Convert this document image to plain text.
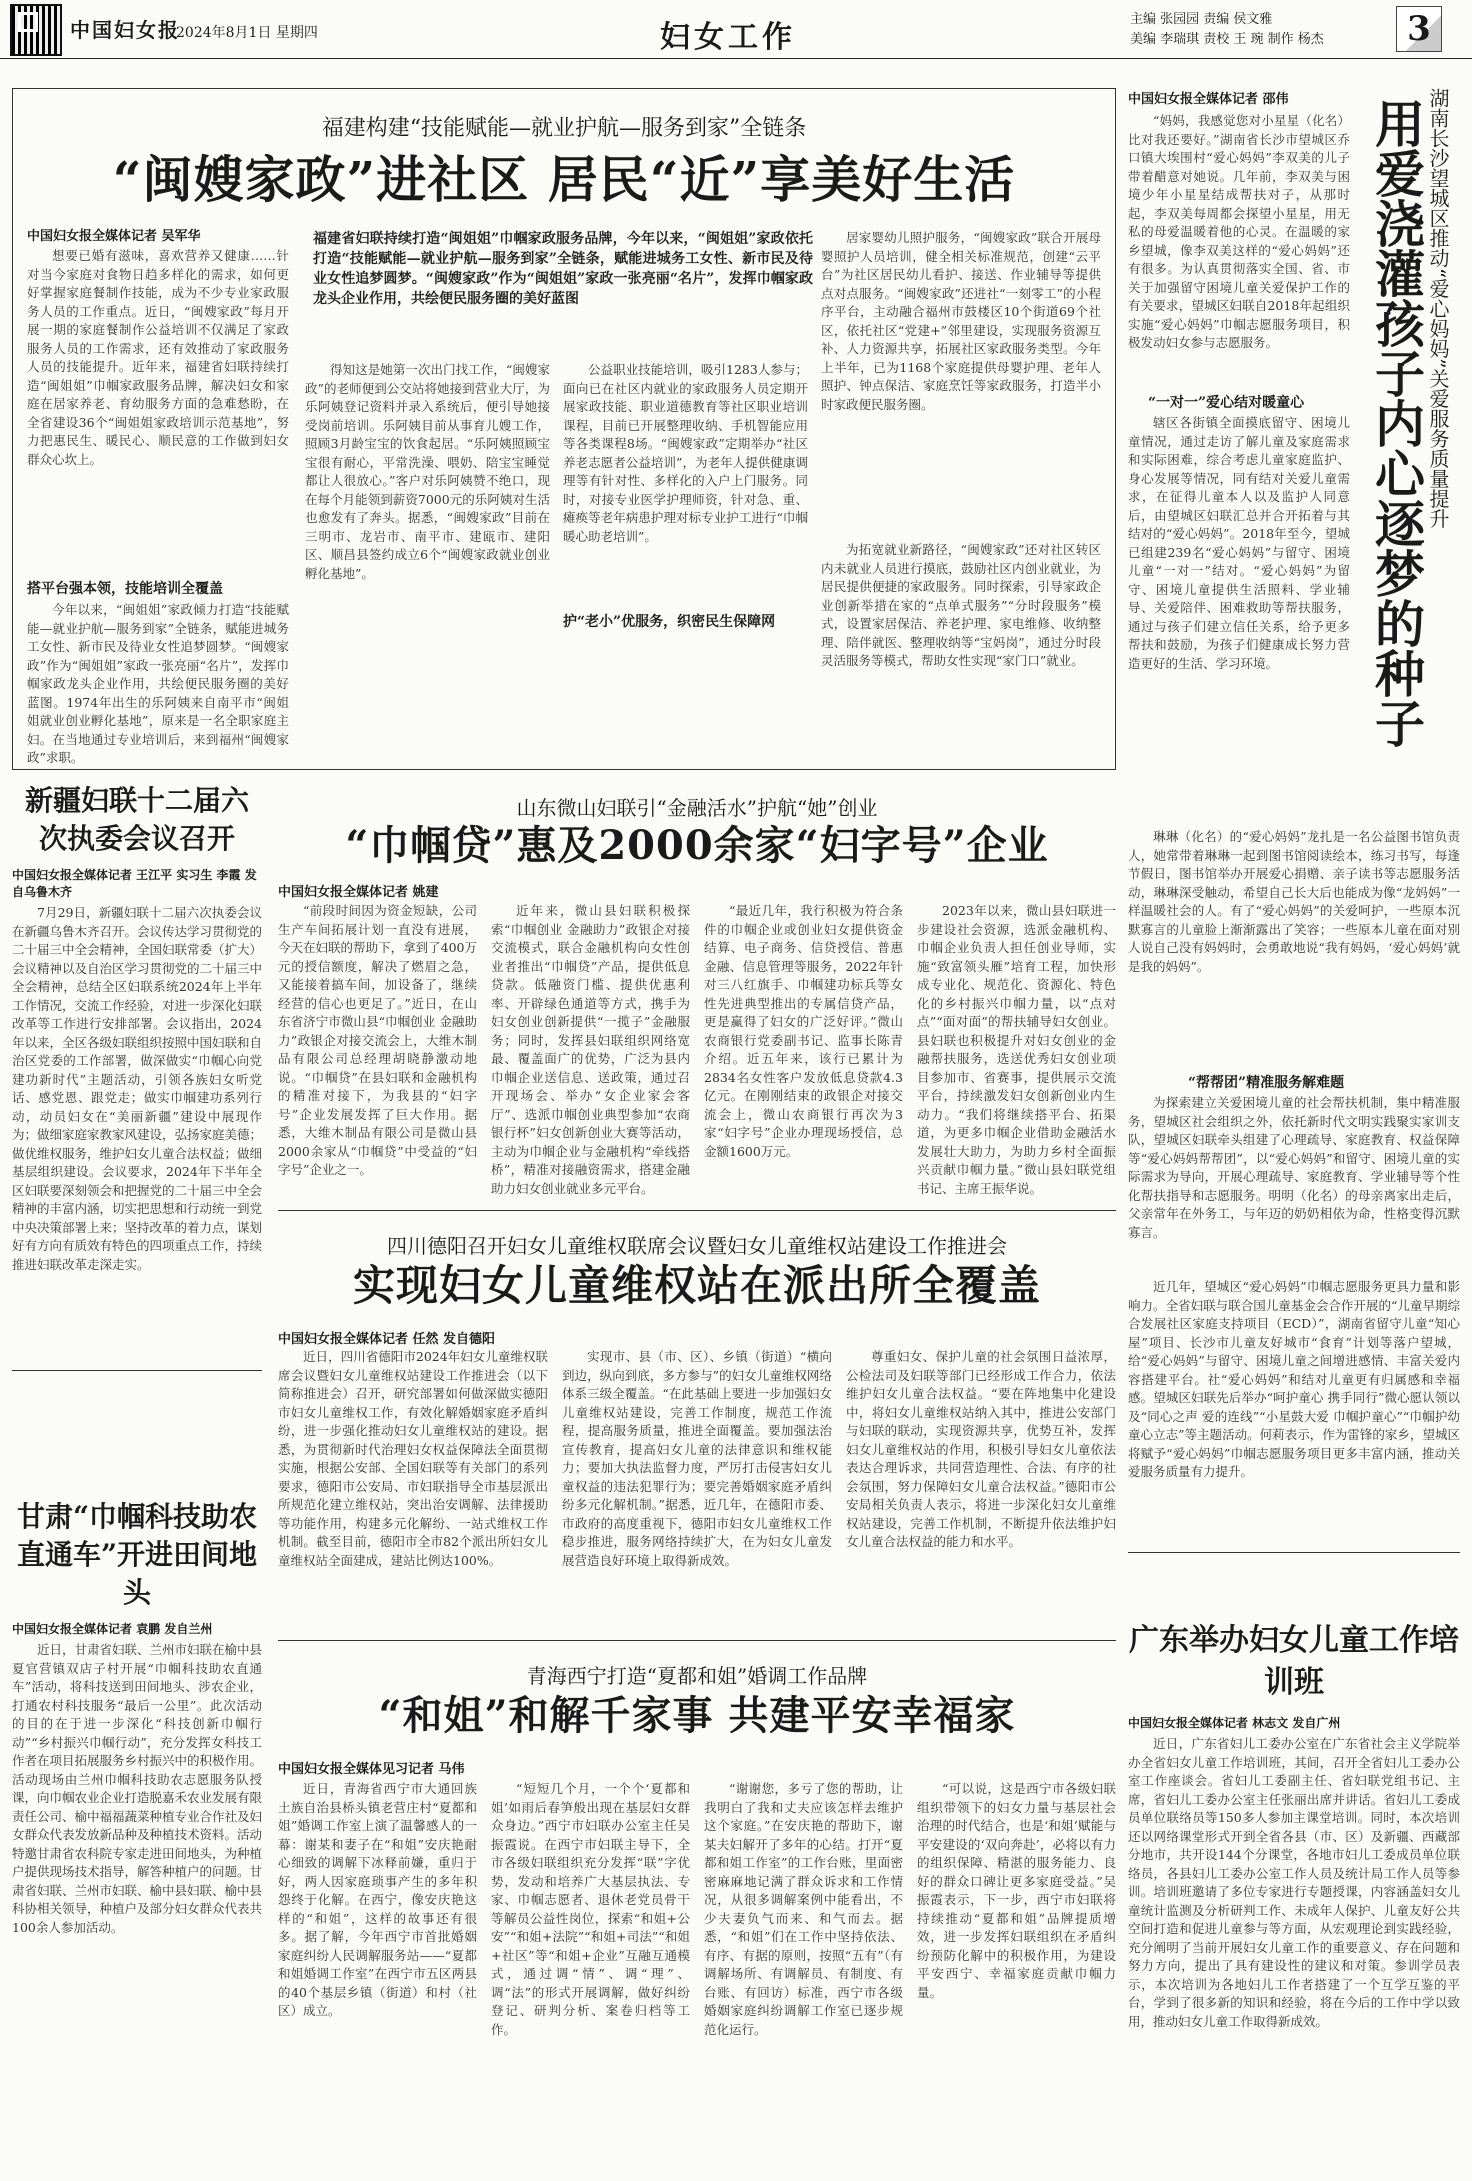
中国妇女报
2024年8月1日 星期四	妇女工作
主编 张园园 责编 侯文雅
美编 李瑞琪 责校 王 琬 制作 杨杰	3
福建构建“技能赋能—就业护航—服务到家”全链条
“闽嫂家政”进社区 居民“近”享美好生活
中国妇女报全媒体记者 吴军华

想要已婚有滋味，喜欢营养又健康……针对当今家庭对食物日趋多样化的需求，如何更好掌握家庭餐制作技能，成为不少专业家政服务人员的工作重点。近日，“闽嫂家政”每月开展一期的家庭餐制作公益培训不仅满足了家政服务人员的工作需求，还有效推动了家政服务人员的技能提升。近年来，福建省妇联持续打造“闽姐姐”巾帼家政服务品牌，解决妇女和家庭在居家养老、育幼服务方面的急难愁盼，在全省建设36个“闽姐姐家政培训示范基地”，努力把惠民生、暖民心、顺民意的工作做到妇女群众心坎上。

福建省妇联持续打造“闽姐姐”巾帼家政服务品牌，今年以来，“闽姐姐”家政依托打造“技能赋能—就业护航—服务到家”全链条，赋能进城务工女性、新市民及待业女性追梦圆梦。“闽嫂家政”作为“闽姐姐”家政一张亮丽“名片”，发挥巾帼家政龙头企业作用，共绘便民服务圈的美好蓝图
搭平台强本领，技能培训全覆盖

今年以来，“闽姐姐”家政倾力打造“技能赋能—就业护航—服务到家”全链条，赋能进城务工女性、新市民及待业女性追梦圆梦。“闽嫂家政”作为“闽姐姐”家政一张亮丽“名片”，发挥巾帼家政龙头企业作用，共绘便民服务圈的美好蓝图。1974年出生的乐阿姨来自南平市“闽姐姐就业创业孵化基地”，原来是一名全职家庭主妇。在当地通过专业培训后，来到福州“闽嫂家政”求职。

得知这是她第一次出门找工作，“闽嫂家政”的老师便到公交站将她接到营业大厅，为乐阿姨登记资料并录入系统后，便引导她接受岗前培训。乐阿姨目前从事育儿嫂工作，照顾3月龄宝宝的饮食起居。“乐阿姨照顾宝宝很有耐心，平常洗澡、喂奶、陪宝宝睡觉都让人很放心。”客户对乐阿姨赞不绝口，现在每个月能领到薪资7000元的乐阿姨对生活也愈发有了奔头。据悉，“闽嫂家政”目前在三明市、龙岩市、南平市、建瓯市、建阳区、顺昌县签约成立6个“闽嫂家政就业创业孵化基地”。

公益职业技能培训，吸引1283人参与；面向已在社区内就业的家政服务人员定期开展家政技能、职业道德教育等社区职业培训课程，目前已开展整理收纳、手机智能应用等各类课程8场。“闽嫂家政”定期举办“社区养老志愿者公益培训”，为老年人提供健康调理等有针对性、多样化的入户上门服务。同时，对接专业医学护理师资，针对急、重、瘫痪等老年病患护理对标专业护工进行“巾帼暖心助老培训”。

护“老小”优服务，织密民生保障网

居家婴幼儿照护服务，“闽嫂家政”联合开展母婴照护人员培训，健全相关标准规范，创建“云平台”为社区居民幼儿看护、接送、作业辅导等提供点对点服务。“闽嫂家政”还进社“一刻零工”的小程序平台，主动融合福州市鼓楼区10个街道69个社区，依托社区“党建+”邻里建设，实现服务资源互补、人力资源共享，拓展社区家政服务类型。今年上半年，已为1168个家庭提供母婴护理、老年人照护、钟点保洁、家庭烹饪等家政服务，打造半小时家政便民服务圈。

为拓宽就业新路径，“闽嫂家政”还对社区转区内未就业人员进行摸底，鼓励社区内创业就业，为居民提供便捷的家政服务。同时探索，引导家政企业创新举措在家的“点单式服务”“分时段服务”模式，设置家居保洁、养老护理、家电维修、收纳整理、陪伴就医、整理收纳等“宝妈岗”，通过分时段灵活服务等模式，帮助女性实现“家门口”就业。

中国妇女报全媒体记者 邵伟	湖南长沙望城区推动“爱心妈妈”关爱服务质量提升
用爱浇灌孩子内心逐梦的种子

“妈妈，我感觉您对小星星（化名）比对我还要好。”湖南省长沙市望城区乔口镇大埃围村“爱心妈妈”李双美的儿子带着醋意对她说。几年前，李双美与困境少年小星星结成帮扶对子，从那时起，李双美每周都会探望小星星，用无私的母爱温暖着他的心灵。在温暖的家乡望城，像李双美这样的“爱心妈妈”还有很多。为认真贯彻落实全国、省、市关于加强留守困境儿童关爱保护工作的有关要求，望城区妇联自2018年起组织实施“爱心妈妈”巾帼志愿服务项目，积极发动妇女参与志愿服务。

“一对一”爱心结对暖童心

辖区各街镇全面摸底留守、困境儿童情况，通过走访了解儿童及家庭需求和实际困难，综合考虑儿童家庭监护、身心发展等情况，同有结对关爱儿童需求，在征得儿童本人以及监护人同意后，由望城区妇联汇总并合开拓着与其结对的“爱心妈妈”。2018年至今，望城已组建239名“爱心妈妈”与留守、困境儿童“一对一”结对。“爱心妈妈”为留守、困境儿童提供生活照料、学业辅导、关爱陪伴、困难救助等帮扶服务，通过与孩子们建立信任关系，给予更多帮扶和鼓励，为孩子们健康成长努力营造更好的生活、学习环境。

琳琳（化名）的“爱心妈妈”龙扎是一名公益图书馆负责人，她常带着琳琳一起到图书馆阅读绘本，练习书写，每逢节假日，图书馆举办开展爱心捐赠、亲子读书等志愿服务活动，琳琳深受触动，希望自己长大后也能成为像“龙妈妈”一样温暖社会的人。有了“爱心妈妈”的关爱呵护，一些原本沉默寡言的儿童脸上渐渐露出了笑容；一些原本儿童在面对别人说自己没有妈妈时，会勇敢地说“我有妈妈，‘爱心妈妈’就是我的妈妈”。

“帮帮团”精准服务解难题

为探索建立关爱困境儿童的社会帮扶机制，集中精准服务，望城区社会组织之外，依托新时代文明实践聚实家训支队，望城区妇联牵头组建了心理疏导、家庭教育、权益保障等“爱心妈妈帮帮团”，以“爱心妈妈”和留守、困境儿童的实际需求为导向，开展心理疏导、家庭教育、学业辅导等个性化帮扶指导和志愿服务。明明（化名）的母亲离家出走后，父亲常年在外务工，与年迈的奶奶相依为命，性格变得沉默寡言。

近几年，望城区“爱心妈妈”巾帼志愿服务更具力量和影响力。全省妇联与联合国儿童基金会合作开展的“儿童早期综合发展社区家庭支持项目（ECD）”，湖南省留守儿童“知心屋”项目、长沙市儿童友好城市“食育”计划等落户望城，给“爱心妈妈”与留守、困境儿童之间增进感情、丰富关爱内容搭建平台。社“爱心妈妈”和结对儿童更有归属感和幸福感。望城区妇联先后举办“呵护童心 携手同行”微心愿认领以及“同心之声 爱的连线”“小星鼓大爱 巾帼护童心”“巾帼护幼 童心立志”等主题活动。何莉表示，作为雷锋的家乡，望城区将赋予“爱心妈妈”巾帼志愿服务项目更多丰富内涵，推动关爱服务质量有力提升。

新疆妇联十二届六次执委会议召开
中国妇女报全媒体记者 王江平 实习生 李霞 发自乌鲁木齐

7月29日，新疆妇联十二届六次执委会议在新疆乌鲁木齐召开。会议传达学习贯彻党的二十届三中全会精神，全国妇联常委（扩大）会议精神以及自治区学习贯彻党的二十届三中全会精神，总结全区妇联系统2024年上半年工作情况，交流工作经验，对进一步深化妇联改革等工作进行安排部署。会议指出，2024年以来，全区各级妇联组织按照中国妇联和自治区党委的工作部署，做深做实“巾帼心向党 建功新时代”主题活动，引领各族妇女听党话、感党恩、跟党走；做实巾帼建功系列行动，动员妇女在“美丽新疆”建设中展现作为；做细家庭家教家风建设，弘扬家庭美德；做优维权服务，维护妇女儿童合法权益；做细基层组织建设。会议要求，2024年下半年全区妇联要深刻领会和把握党的二十届三中全会精神的丰富内涵，切实把思想和行动统一到党中央决策部署上来；坚持改革的着力点，谋划好有方向有质效有特色的四项重点工作，持续推进妇联改革走深走实。

甘肃“巾帼科技助农直通车”开进田间地头
中国妇女报全媒体记者 袁鹏 发自兰州

近日，甘肃省妇联、兰州市妇联在榆中县夏官营镇双店子村开展“巾帼科技助农直通车”活动，将科技送到田间地头、涉农企业，打通农村科技服务“最后一公里”。此次活动的目的在于进一步深化“科技创新巾帼行动”“乡村振兴巾帼行动”，充分发挥女科技工作者在项目拓展服务乡村振兴中的积极作用。活动现场由兰州巾帼科技助农志愿服务队授课，向巾帼农业企业打造脱嘉禾农业发展有限责任公司、榆中福福蔬菜种植专业合作社及妇女群众代表发放新品种及种植技术资料。活动特邀甘肃省农科院专家走进田间地头，为种植户提供现场技术指导，解答种植户的问题。甘肃省妇联、兰州市妇联、榆中县妇联、榆中县科协相关领导，种植户及部分妇女群众代表共100余人参加活动。

山东微山妇联引“金融活水”护航“她”创业
“巾帼贷”惠及2000余家“妇字号”企业
中国妇女报全媒体记者 姚建

“前段时间因为资金短缺，公司生产车间拓展计划一直没有进展，今天在妇联的帮助下，拿到了400万元的授信额度，解决了燃眉之急，又能接着搞车间，加设备了，继续经营的信心也更足了。”近日，在山东省济宁市微山县“巾帼创业 金融助力”政银企对接交流会上，大维木制品有限公司总经理胡晓静激动地说。“巾帼贷”在县妇联和金融机构的精准对接下，为我县的“妇字号”企业发展发挥了巨大作用。据悉，大维木制品有限公司是微山县2000余家从“巾帼贷”中受益的“妇字号”企业之一。

近年来，微山县妇联积极探索“巾帼创业 金融助力”政银企对接交流模式，联合金融机构向女性创业者推出“巾帼贷”产品，提供低息贷款。低融资门槛、提供优惠利率、开辟绿色通道等方式，携手为妇女创业创新提供“一揽子”金融服务；同时，发挥县妇联组织网络宽最、覆盖面广的优势，广泛为县内巾帼企业送信息、送政策，通过召开现场会、举办“女企业家会客厅”、选派巾帼创业典型参加“农商银行杯”妇女创新创业大赛等活动，主动为巾帼企业与金融机构“牵线搭桥”，精准对接融资需求，搭建金融助力妇女创业就业多元平台。

“最近几年，我行积极为符合条件的巾帼企业或创业妇女提供资金结算、电子商务、信贷授信、普惠金融、信息管理等服务，2022年针对三八红旗手、巾帼建功标兵等女性先进典型推出的专属信贷产品，更是赢得了妇女的广泛好评。”微山农商银行党委副书记、监事长陈青介绍。近五年来，该行已累计为2834名女性客户发放低息贷款4.3亿元。在刚刚结束的政银企对接交流会上，微山农商银行再次为3家“妇字号”企业办理现场授信，总金额1600万元。

2023年以来，微山县妇联进一步建设社会资源，选派金融机构、巾帼企业负责人担任创业导师，实施“致富领头雁”培育工程，加快形成专业化、规范化、资源化、特色化的乡村振兴巾帼力量，以“点对点”“面对面”的帮扶辅导妇女创业。县妇联也积极提升对妇女创业的金融帮扶服务，选送优秀妇女创业项目参加市、省赛事，提供展示交流平台，持续激发妇女创新创业内生动力。“我们将继续搭平台、拓渠道，为更多巾帼企业借助金融活水发展壮大助力，为助力乡村全面振兴贡献巾帼力量。”微山县妇联党组书记、主席王振华说。

四川德阳召开妇女儿童维权联席会议暨妇女儿童维权站建设工作推进会
实现妇女儿童维权站在派出所全覆盖
中国妇女报全媒体记者 任然 发自德阳

近日，四川省德阳市2024年妇女儿童维权联席会议暨妇女儿童维权站建设工作推进会（以下简称推进会）召开，研究部署如何做深做实德阳市妇女儿童维权工作，有效化解婚姻家庭矛盾纠纷，进一步强化推动妇女儿童维权站的建设。据悉，为贯彻新时代治理妇女权益保障法全面贯彻实施，根据公安部、全国妇联等有关部门的系列要求，德阳市公安局、市妇联指导全市基层派出所规范化建立维权站，突出治安调解、法律援助等功能作用，构建多元化解纷、一站式维权工作机制。截至目前，德阳市全市82个派出所妇女儿童维权站全面建成，建站比例达100%。

实现市、县（市、区）、乡镇（街道）“横向到边，纵向到底，多方参与”的妇女儿童维权网络体系三级全覆盖。“在此基础上要进一步加强妇女儿童维权站建设，完善工作制度，规范工作流程，提高服务质量，推进全面覆盖。要加强法治宣传教育，提高妇女儿童的法律意识和维权能力；要加大执法监督力度，严厉打击侵害妇女儿童权益的违法犯罪行为；要完善婚姻家庭矛盾纠纷多元化解机制。”据悉，近几年，在德阳市委、市政府的高度重视下，德阳市妇女儿童维权工作稳步推进，服务网络持续扩大，在为妇女儿童发展营造良好环境上取得新成效。

尊重妇女、保护儿童的社会氛围日益浓厚，公检法司及妇联等部门已经形成工作合力，依法维护妇女儿童合法权益。“要在阵地集中化建设中，将妇女儿童维权站纳入其中，推进公安部门与妇联的联动，实现资源共享，优势互补，发挥妇女儿童维权站的作用，积极引导妇女儿童依法表达合理诉求，共同营造理性、合法、有序的社会氛围，努力保障妇女儿童合法权益。”德阳市公安局相关负责人表示，将进一步深化妇女儿童维权站建设，完善工作机制，不断提升依法维护妇女儿童合法权益的能力和水平。

青海西宁打造“夏都和姐”婚调工作品牌
“和姐”和解千家事 共建平安幸福家
中国妇女报全媒体见习记者 马伟

近日，青海省西宁市大通回族土族自治县桥头镇老营庄村“夏都和姐”婚调工作室上演了温馨感人的一幕：谢某和妻子在“和姐”安庆艳耐心细致的调解下冰释前嫌，重归于好，两人因家庭琐事产生的多年积怨终于化解。在西宁，像安庆艳这样的“和姐”，这样的故事还有很多。据了解，今年西宁市首批婚姻家庭纠纷人民调解服务站——“夏都和姐婚调工作室”在西宁市五区两县的40个基层乡镇（街道）和村（社区）成立。

“短短几个月，一个个‘夏都和姐’如雨后春笋般出现在基层妇女群众身边。”西宁市妇联办公室主任吴振霞说。在西宁市妇联主导下，全市各级妇联组织充分发挥“联”字优势，发动和培养广大基层执法、专家、巾帼志愿者、退休老党员骨干等解员公益性岗位，探索“和姐+公安”“和姐+法院”“和姐+司法”“和姐+社区”等“和姐+企业”互融互通模式，通过调“情”、调“理”、调“法”的形式开展调解，做好纠纷登记、研判分析、案卷归档等工作。

“谢谢您，多亏了您的帮助，让我明白了我和丈夫应该怎样去维护这个家庭。”在安庆艳的帮助下，谢某夫妇解开了多年的心结。打开“夏都和姐工作室”的工作台账，里面密密麻麻地记满了群众诉求和工作情况，从很多调解案例中能看出，不少夫妻负气而来、和气而去。据悉，“和姐”们在工作中坚持依法、有序、有据的原则，按照“五有”（有调解场所、有调解员、有制度、有台账、有回访）标准，西宁市各级婚姻家庭纠纷调解工作室已逐步规范化运行。

“可以说，这是西宁市各级妇联组织带领下的妇女力量与基层社会治理的时代结合，也是‘和姐’赋能与平安建设的‘双向奔赴’，必将以有力的组织保障、精湛的服务能力、良好的群众口碑让更多家庭受益。”吴振霞表示，下一步，西宁市妇联将持续推动“夏都和姐”品牌提质增效，进一步发挥妇联组织在矛盾纠纷预防化解中的积极作用，为建设平安西宁、幸福家庭贡献巾帼力量。

广东举办妇女儿童工作培训班
中国妇女报全媒体记者 林志文 发自广州

近日，广东省妇儿工委办公室在广东省社会主义学院举办全省妇女儿童工作培训班，其间，召开全省妇儿工委办公室工作座谈会。省妇儿工委副主任、省妇联党组书记、主席，省妇儿工委办公室主任张丽出席并讲话。省妇儿工委成员单位联络员等150多人参加主课堂培训。同时，本次培训还以网络课堂形式开到全省各县（市、区）及新疆、西藏部分地市，共开设144个分课堂，各地市妇儿工委成员单位联络员，各县妇儿工委办公室工作人员及统计局工作人员等参训。培训班邀请了多位专家进行专题授课，内容涵盖妇女儿童统计监测及分析研判工作、未成年人保护、儿童友好公共空间打造和促进儿童参与等方面，从宏观理论到实践经验，充分阐明了当前开展妇女儿童工作的重要意义、存在问题和努力方向，提出了具有建设性的建议和对策。参训学员表示，本次培训为各地妇儿工作者搭建了一个互学互鉴的平台，学到了很多新的知识和经验，将在今后的工作中学以致用，推动妇女儿童工作取得新成效。
